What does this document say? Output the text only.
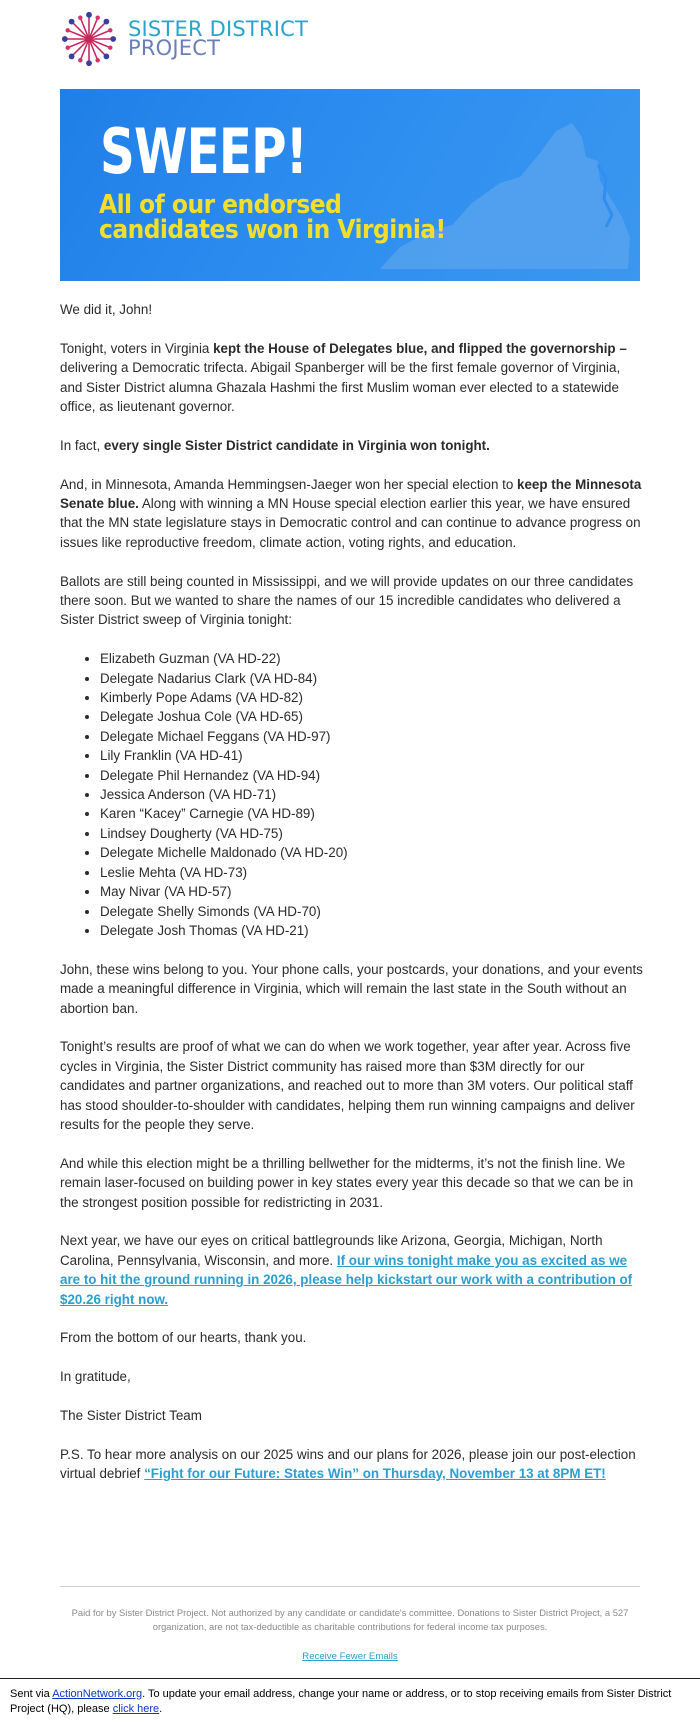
SISTER DISTRICT
PROJECT
SWEEP!
All of our endorsed
candidates won in Virginia!

We did it, John!

Tonight, voters in Virginia kept the House of Delegates blue, and flipped the governorship – delivering a Democratic trifecta. Abigail Spanberger will be the first female governor of Virginia, and Sister District alumna Ghazala Hashmi the first Muslim woman ever elected to a statewide office, as lieutenant governor.

In fact, every single Sister District candidate in Virginia won tonight.

And, in Minnesota, Amanda Hemmingsen-Jaeger won her special election to keep the Minnesota Senate blue. Along with winning a MN House special election earlier this year, we have ensured that the MN state legislature stays in Democratic control and can continue to advance progress on issues like reproductive freedom, climate action, voting rights, and education.

Ballots are still being counted in Mississippi, and we will provide updates on our three candidates there soon. But we wanted to share the names of our 15 incredible candidates who delivered a Sister District sweep of Virginia tonight:

• Elizabeth Guzman (VA HD-22)
• Delegate Nadarius Clark (VA HD-84)
• Kimberly Pope Adams (VA HD-82)
• Delegate Joshua Cole (VA HD-65)
• Delegate Michael Feggans (VA HD-97)
• Lily Franklin (VA HD-41)
• Delegate Phil Hernandez (VA HD-94)
• Jessica Anderson (VA HD-71)
• Karen “Kacey” Carnegie (VA HD-89)
• Lindsey Dougherty (VA HD-75)
• Delegate Michelle Maldonado (VA HD-20)
• Leslie Mehta (VA HD-73)
• May Nivar (VA HD-57)
• Delegate Shelly Simonds (VA HD-70)
• Delegate Josh Thomas (VA HD-21)

John, these wins belong to you. Your phone calls, your postcards, your donations, and your events made a meaningful difference in Virginia, which will remain the last state in the South without an abortion ban.

Tonight’s results are proof of what we can do when we work together, year after year. Across five cycles in Virginia, the Sister District community has raised more than $3M directly for our candidates and partner organizations, and reached out to more than 3M voters. Our political staff has stood shoulder-to-shoulder with candidates, helping them run winning campaigns and deliver results for the people they serve.

And while this election might be a thrilling bellwether for the midterms, it’s not the finish line. We remain laser-focused on building power in key states every year this decade so that we can be in the strongest position possible for redistricting in 2031.

Next year, we have our eyes on critical battlegrounds like Arizona, Georgia, Michigan, North Carolina, Pennsylvania, Wisconsin, and more. If our wins tonight make you as excited as we are to hit the ground running in 2026, please help kickstart our work with a contribution of $20.26 right now.

From the bottom of our hearts, thank you.

In gratitude,

The Sister District Team

P.S. To hear more analysis on our 2025 wins and our plans for 2026, please join our post-election virtual debrief “Fight for our Future: States Win” on Thursday, November 13 at 8PM ET!

Paid for by Sister District Project. Not authorized by any candidate or candidate's committee. Donations to Sister District Project, a 527 organization, are not tax-deductible as charitable contributions for federal income tax purposes.
Receive Fewer Emails
Sent via ActionNetwork.org. To update your email address, change your name or address, or to stop receiving emails from Sister District Project (HQ), please click here.
